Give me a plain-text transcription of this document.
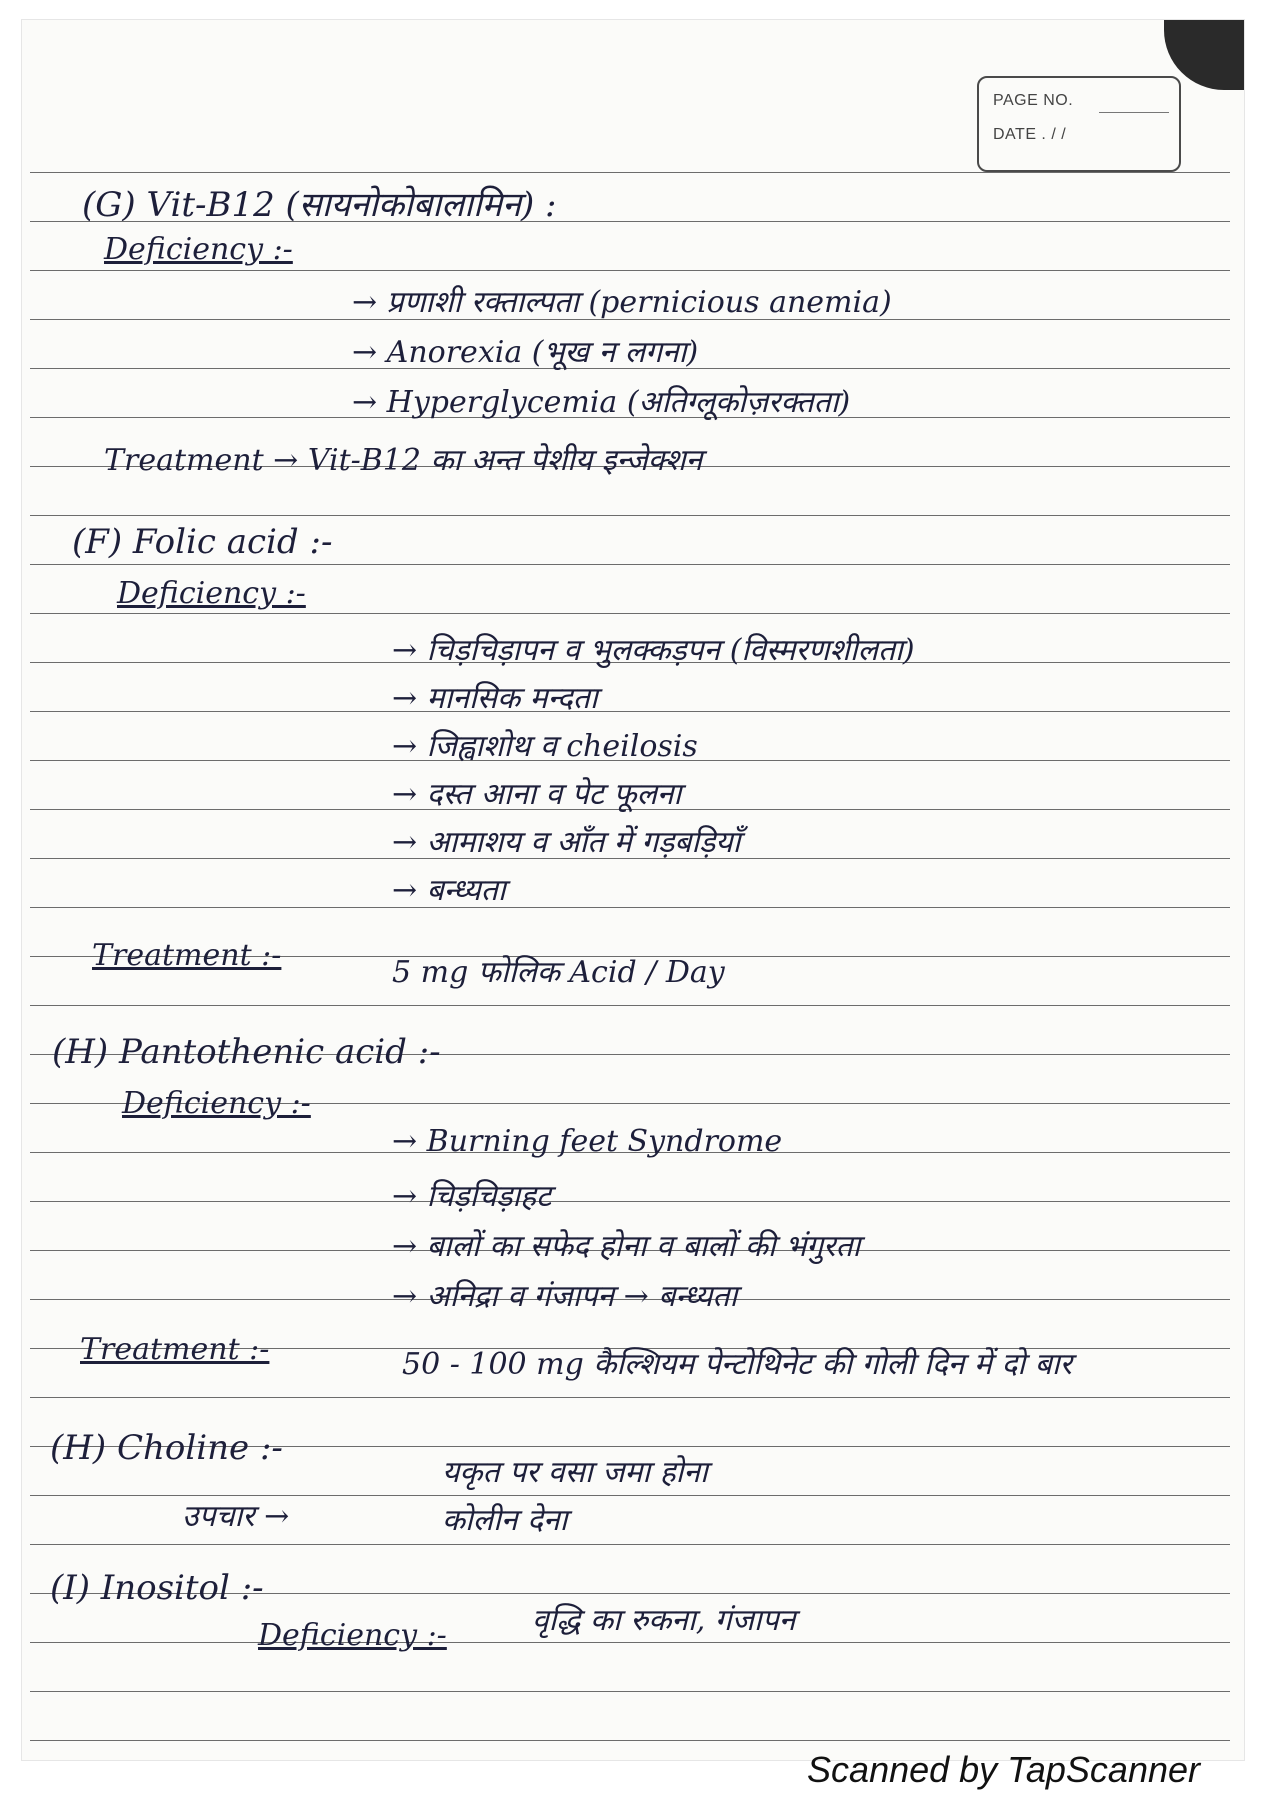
PAGE NO.
DATE . / /
(G) Vit-B12 (सायनोकोबालामिन) :
Deficiency :-
→ प्रणाशी रक्ताल्पता (pernicious anemia)
→ Anorexia (भूख न लगना)
→ Hyperglycemia (अतिग्लूकोज़रक्तता)
Treatment → Vit-B12 का अन्त पेशीय इन्जेक्शन
(F) Folic acid :-
Deficiency :-
→ चिड़चिड़ापन व भुलक्कड़पन (विस्मरणशीलता)
→ मानसिक मन्दता
→ जिह्वाशोथ व cheilosis
→ दस्त आना व पेट फूलना
→ आमाशय व आँत में गड़बड़ियाँ
→ बन्ध्यता
Treatment :-	5 mg फोलिक Acid / Day
(H) Pantothenic acid :-
Deficiency :-
→ Burning feet Syndrome
→ चिड़चिड़ाहट
→ बालों का सफेद होना व बालों की भंगुरता
→ अनिद्रा व गंजापन → बन्ध्यता
Treatment :-	50 - 100 mg कैल्शियम पेन्टोथिनेट की गोली दिन में दो बार
(H) Choline :-
यकृत पर वसा जमा होना
उपचार →	कोलीन देना
(I) Inositol :-
Deficiency :-	वृद्धि का रुकना, गंजापन
Scanned by TapScanner
